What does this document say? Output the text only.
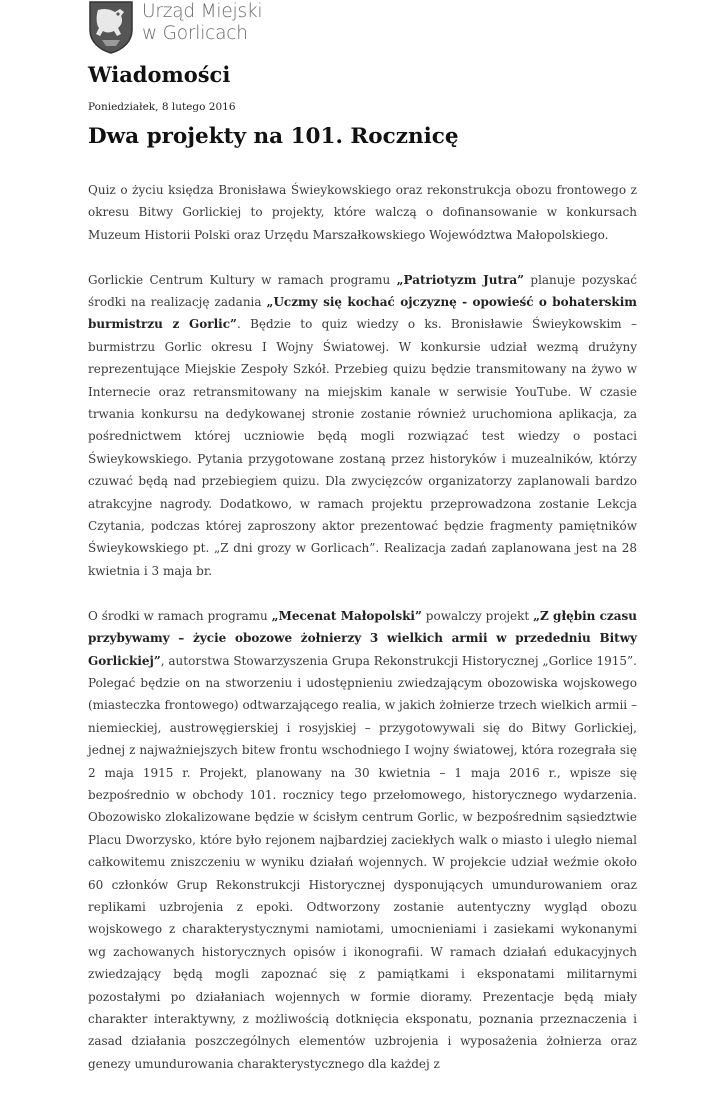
Urząd Miejski
w Gorlicach
Wiadomości
Poniedziałek, 8 lutego 2016
Dwa projekty na 101. Rocznicę

Quiz o życiu księdza Bronisława Świeykowskiego oraz rekonstrukcja obozu frontowego z okresu Bitwy Gorlickiej to projekty, które walczą o dofinansowanie w konkursach Muzeum Historii Polski oraz Urzędu Marszałkowskiego Województwa Małopolskiego.

Gorlickie Centrum Kultury w ramach programu „Patriotyzm Jutra” planuje pozyskać środki na realizację zadania „Uczmy się kochać ojczyznę - opowieść o bohaterskim burmistrzu z Gorlic”. Będzie to quiz wiedzy o ks. Bronisławie Świeykowskim – burmistrzu Gorlic okresu I Wojny Światowej. W konkursie udział wezmą drużyny reprezentujące Miejskie Zespoły Szkół. Przebieg quizu będzie transmitowany na żywo w Internecie oraz retransmitowany na miejskim kanale w serwisie YouTube. W czasie trwania konkursu na dedykowanej stronie zostanie również uruchomiona aplikacja, za pośrednictwem której uczniowie będą mogli rozwiązać test wiedzy o postaci Świeykowskiego. Pytania przygotowane zostaną przez historyków i muzealników, którzy czuwać będą nad przebiegiem quizu. Dla zwycięzców organizatorzy zaplanowali bardzo atrakcyjne nagrody. Dodatkowo, w ramach projektu przeprowadzona zostanie Lekcja Czytania, podczas której zaproszony aktor prezentować będzie fragmenty pamiętników Świeykowskiego pt. „Z dni grozy w Gorlicach”. Realizacja zadań zaplanowana jest na 28 kwietnia i 3 maja br.

O środki w ramach programu „Mecenat Małopolski” powalczy projekt „Z głębin czasu przybywamy – życie obozowe żołnierzy 3 wielkich armii w przededniu Bitwy Gorlickiej”, autorstwa Stowarzyszenia Grupa Rekonstrukcji Historycznej „Gorlice 1915”. Polegać będzie on na stworzeniu i udostępnieniu zwiedzającym obozowiska wojskowego (miasteczka frontowego) odtwarzającego realia, w jakich żołnierze trzech wielkich armii – niemieckiej, austrowęgierskiej i rosyjskiej – przygotowywali się do Bitwy Gorlickiej, jednej z najważniejszych bitew frontu wschodniego I wojny światowej, która rozegrała się 2 maja 1915 r. Projekt, planowany na 30 kwietnia – 1 maja 2016 r., wpisze się bezpośrednio w obchody 101. rocznicy tego przełomowego, historycznego wydarzenia. Obozowisko zlokalizowane będzie w ścisłym centrum Gorlic, w bezpośrednim sąsiedztwie Placu Dworzysko, które było rejonem najbardziej zaciekłych walk o miasto i uległo niemal całkowitemu zniszczeniu w wyniku działań wojennych. W projekcie udział weźmie około 60 członków Grup Rekonstrukcji Historycznej dysponujących umundurowaniem oraz replikami uzbrojenia z epoki. Odtworzony zostanie autentyczny wygląd obozu wojskowego z charakterystycznymi namiotami, umocnieniami i zasiekami wykonanymi wg zachowanych historycznych opisów i ikonografii. W ramach działań edukacyjnych zwiedzający będą mogli zapoznać się z pamiątkami i eksponatami militarnymi pozostałymi po działaniach wojennych w formie dioramy. Prezentacje będą miały charakter interaktywny, z możliwością dotknięcia eksponatu, poznania przeznaczenia i zasad działania poszczególnych elementów uzbrojenia i wyposażenia żołnierza oraz genezy umundurowania charakterystycznego dla każdej z
